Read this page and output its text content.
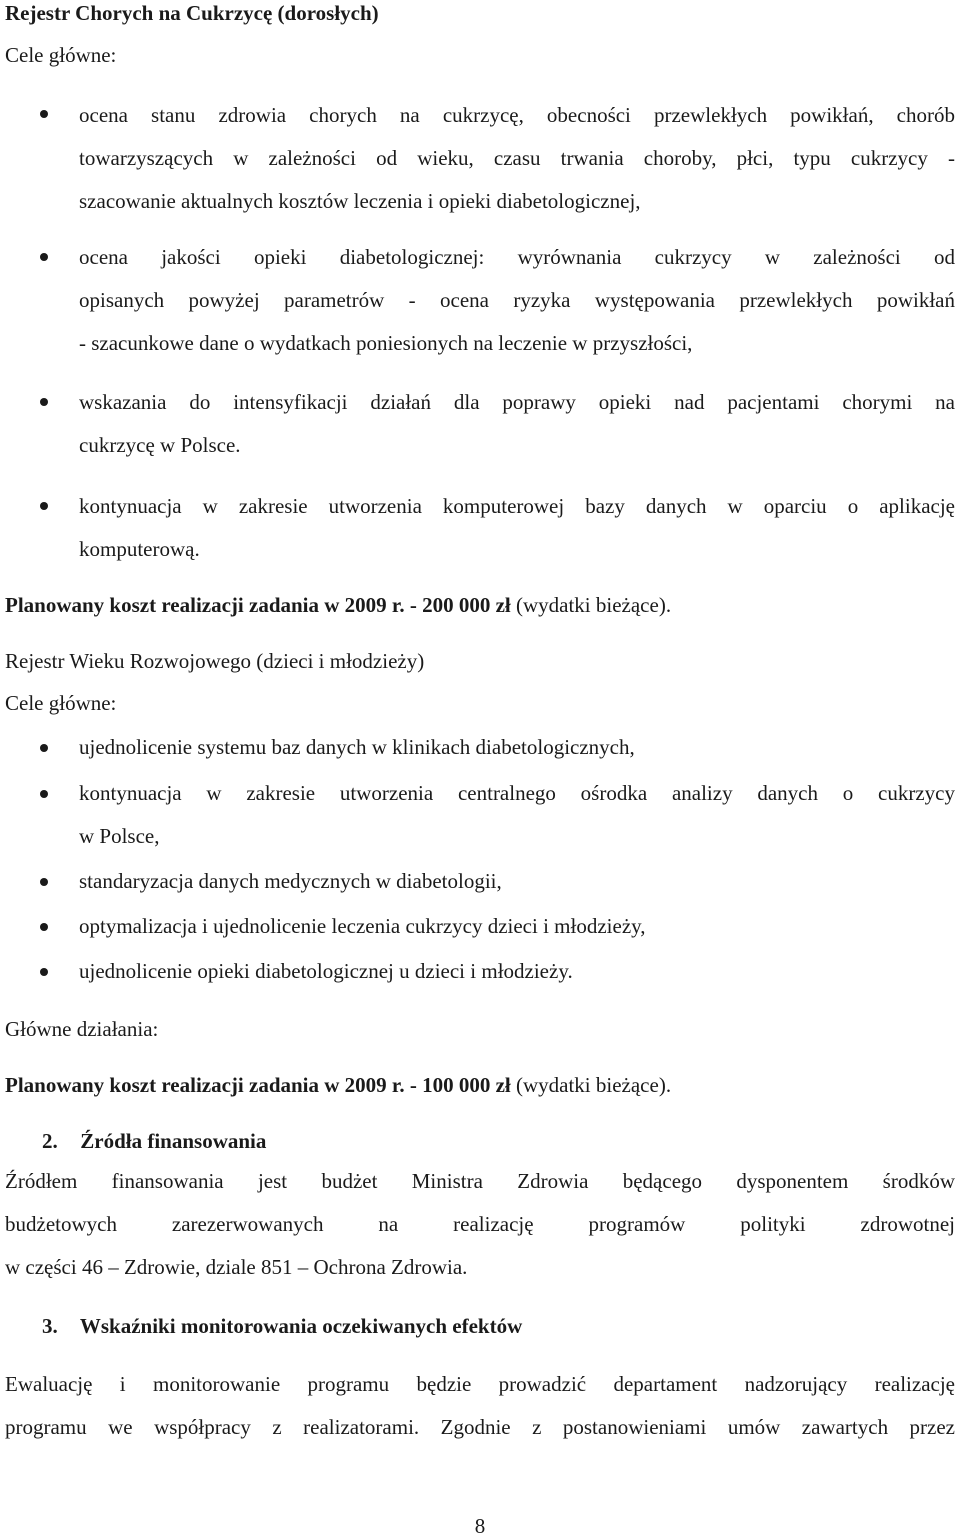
Rejestr Chorych na Cukrzycę (dorosłych)
Cele główne:
ocena stanu zdrowia chorych na cukrzycę, obecności przewlekłych powikłań, chorób
towarzyszących w zależności od wieku, czasu trwania choroby, płci, typu cukrzycy -
szacowanie aktualnych kosztów leczenia i opieki diabetologicznej,
ocena jakości opieki diabetologicznej: wyrównania cukrzycy w zależności od
opisanych powyżej parametrów - ocena ryzyka występowania przewlekłych powikłań
- szacunkowe dane o wydatkach poniesionych na leczenie w przyszłości,
wskazania do intensyfikacji działań dla poprawy opieki nad pacjentami chorymi na
cukrzycę w Polsce.
kontynuacja w zakresie utworzenia komputerowej bazy danych w oparciu o aplikację
komputerową.
Planowany koszt realizacji zadania w 2009 r. - 200 000 zł (wydatki bieżące).
Rejestr Wieku Rozwojowego (dzieci i młodzieży)
Cele główne:
ujednolicenie systemu baz danych w klinikach diabetologicznych,
kontynuacja w zakresie utworzenia centralnego ośrodka analizy danych o cukrzycy
w Polsce,
standaryzacja danych medycznych w diabetologii,
optymalizacja i ujednolicenie leczenia cukrzycy dzieci i młodzieży,
ujednolicenie opieki diabetologicznej u dzieci i młodzieży.
Główne działania:
Planowany koszt realizacji zadania w 2009 r. - 100 000 zł (wydatki bieżące).
2. Źródła finansowania
Źródłem finansowania jest budżet Ministra Zdrowia będącego dysponentem środków
budżetowych zarezerwowanych na realizację programów polityki zdrowotnej
w części 46 – Zdrowie, dziale 851 – Ochrona Zdrowia.
3. Wskaźniki monitorowania oczekiwanych efektów
Ewaluację i monitorowanie programu będzie prowadzić departament nadzorujący realizację
programu we współpracy z realizatorami. Zgodnie z postanowieniami umów zawartych przez
8
